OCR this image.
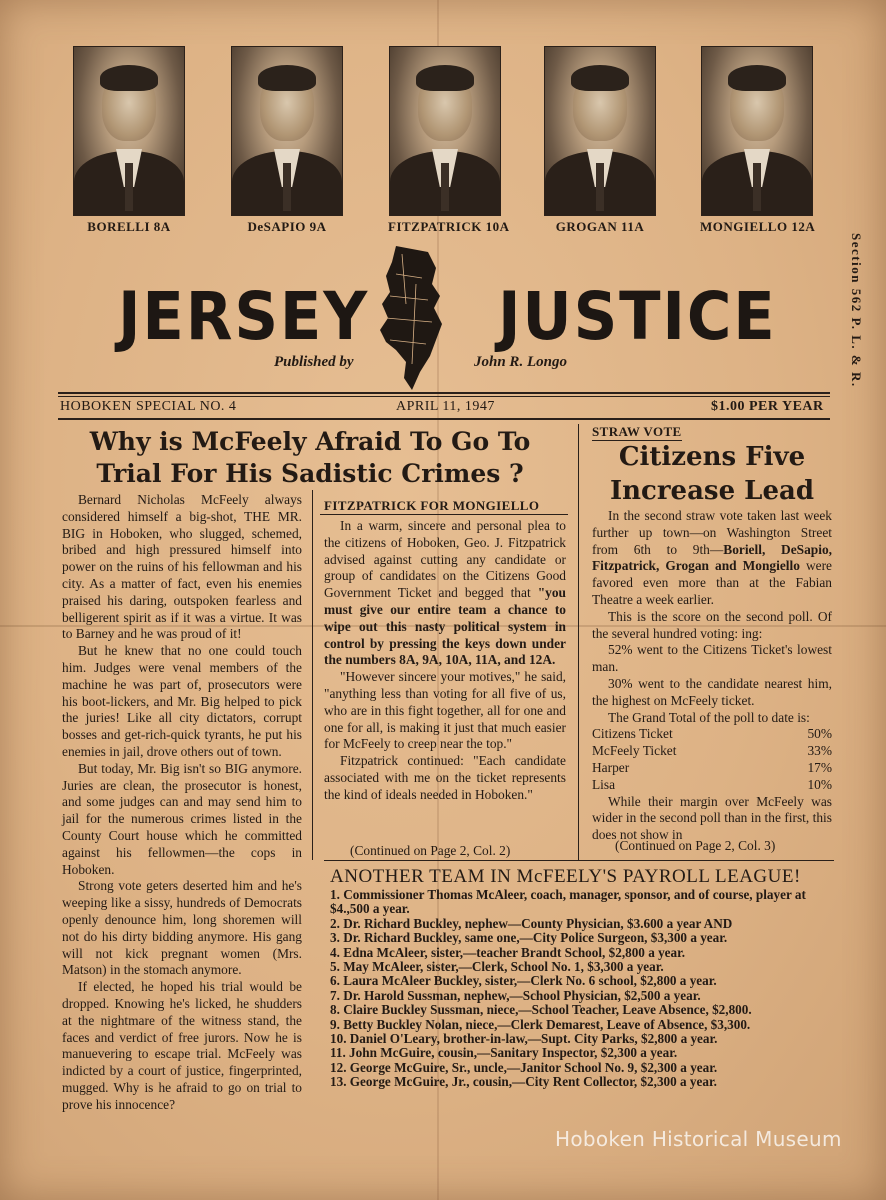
BORELLI 8A	DeSAPIO 9A	FITZPATRICK 10A	GROGAN 11A	MONGIELLO 12A
JERSEY JUSTICE
Published by	John R. Longo	Section 562 P. L. & R.
HOBOKEN SPECIAL NO. 4	APRIL 11, 1947	$1.00 PER YEAR
Why is McFeely Afraid To Go To
Trial For His Sadistic Crimes ?

Bernard Nicholas McFeely always considered himself a big-shot, THE MR. BIG in Hoboken, who slugged, schemed, bribed and high pressured himself into power on the ruins of his fellowman and his city. As a matter of fact, even his enemies praised his daring, outspoken fearless and belligerent spirit as if it was a virtue. It was to Barney and he was proud of it!

But he knew that no one could touch him. Judges were venal members of the machine he was part of, prosecutors were his boot-lickers, and Mr. Big helped to pick the juries! Like all city dictators, corrupt bosses and get-rich-quick tyrants, he put his enemies in jail, drove others out of town.

But today, Mr. Big isn't so BIG anymore. Juries are clean, the prosecutor is honest, and some judges can and may send him to jail for the numerous crimes listed in the County Court house which he committed against his fellowmen—the cops in Hoboken.

Strong vote geters deserted him and he's weeping like a sissy, hundreds of Democrats openly denounce him, long shoremen will not do his dirty bidding anymore. His gang will not kick pregnant women (Mrs. Matson) in the stomach anymore.

If elected, he hoped his trial would be dropped. Knowing he's licked, he shudders at the nightmare of the witness stand, the faces and verdict of free jurors. Now he is manuevering to escape trial. McFeely was indicted by a court of justice, fingerprinted, mugged. Why is he afraid to go on trial to prove his innocence?

FITZPATRICK FOR MONGIELLO

In a warm, sincere and personal plea to the citizens of Hoboken, Geo. J. Fitzpatrick advised against cutting any candidate or group of candidates on the Citizens Good Government Ticket and begged that "you must give our entire team a chance to wipe out this nasty political system in control by pressing the keys down under the numbers 8A, 9A, 10A, 11A, and 12A.

"However sincere your motives," he said, "anything less than voting for all five of us, who are in this fight together, all for one and one for all, is making it just that much easier for McFeely to creep near the top."

Fitzpatrick continued: "Each candidate associated with me on the ticket represents the kind of ideals needed in Hoboken."

(Continued on Page 2, Col. 2)
STRAW VOTE
Citizens Five
Increase Lead

In the second straw vote taken last week further up town—on Washington Street from 6th to 9th—Boriell, DeSapio, Fitzpatrick, Grogan and Mongiello were favored even more than at the Fabian Theatre a week earlier.

This is the score on the second poll. Of the several hundred voting: ing:

52% went to the Citizens Ticket's lowest man.

30% went to the candidate nearest him, the highest on McFeely ticket.

The Grand Total of the poll to date is:

Citizens Ticket	50%
McFeely Ticket	33%
Harper	17%
Lisa	10%

While their margin over McFeely was wider in the second poll than in the first, this does not show in

(Continued on Page 2, Col. 3)
ANOTHER TEAM IN McFEELY'S PAYROLL LEAGUE!
1. Commissioner Thomas McAleer, coach, manager, sponsor, and of course, player at $4.,500 a year.
2. Dr. Richard Buckley, nephew—County Physician, $3.600 a year AND
3. Dr. Richard Buckley, same one,—City Police Surgeon, $3,300 a year.
4. Edna McAleer, sister,—teacher Brandt School, $2,800 a year.
5. May McAleer, sister,—Clerk, School No. 1, $3,300 a year.
6. Laura McAleer Buckley, sister,—Clerk No. 6 school, $2,800 a year.
7. Dr. Harold Sussman, nephew,—School Physician, $2,500 a year.
8. Claire Buckley Sussman, niece,—School Teacher, Leave Absence, $2,800.
9. Betty Buckley Nolan, niece,—Clerk Demarest, Leave of Absence, $3,300.
10. Daniel O'Leary, brother-in-law,—Supt. City Parks, $2,800 a year.
11. John McGuire, cousin,—Sanitary Inspector, $2,300 a year.
12. George McGuire, Sr., uncle,—Janitor School No. 9, $2,300 a year.
13. George McGuire, Jr., cousin,—City Rent Collector, $2,300 a year.
Hoboken Historical Museum
